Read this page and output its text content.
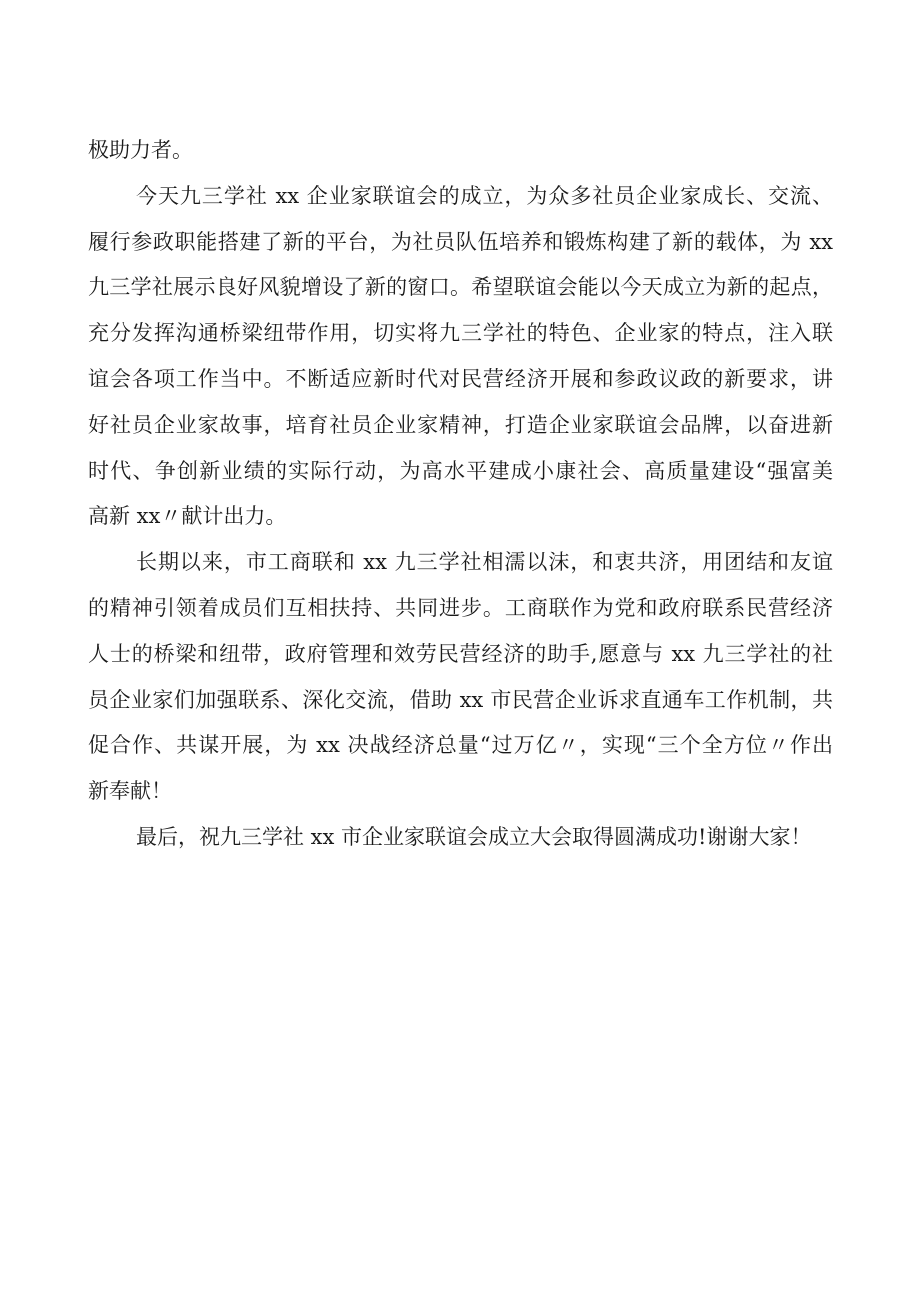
极助力者。
今天九三学社 xx 企业家联谊会的成立，为众多社员企业家成长、交流、
履行参政职能搭建了新的平台，为社员队伍培养和锻炼构建了新的载体，为 xx
九三学社展示良好风貌增设了新的窗口。希望联谊会能以今天成立为新的起点，
充分发挥沟通桥梁纽带作用，切实将九三学社的特色、企业家的特点，注入联
谊会各项工作当中。不断适应新时代对民营经济开展和参政议政的新要求，讲
好社员企业家故事，培育社员企业家精神，打造企业家联谊会品牌，以奋进新
时代、争创新业绩的实际行动，为高水平建成小康社会、高质量建设“强富美
高新 xx〃献计出力。
长期以来，市工商联和 xx 九三学社相濡以沫，和衷共济，用团结和友谊
的精神引领着成员们互相扶持、共同进步。工商联作为党和政府联系民营经济
人士的桥梁和纽带，政府管理和效劳民营经济的助手,愿意与 xx 九三学社的社
员企业家们加强联系、深化交流，借助 xx 市民营企业诉求直通车工作机制，共
促合作、共谋开展，为 xx 决战经济总量“过万亿〃，实现“三个全方位〃作出
新奉献！
最后，祝九三学社 xx 市企业家联谊会成立大会取得圆满成功!谢谢大家！
